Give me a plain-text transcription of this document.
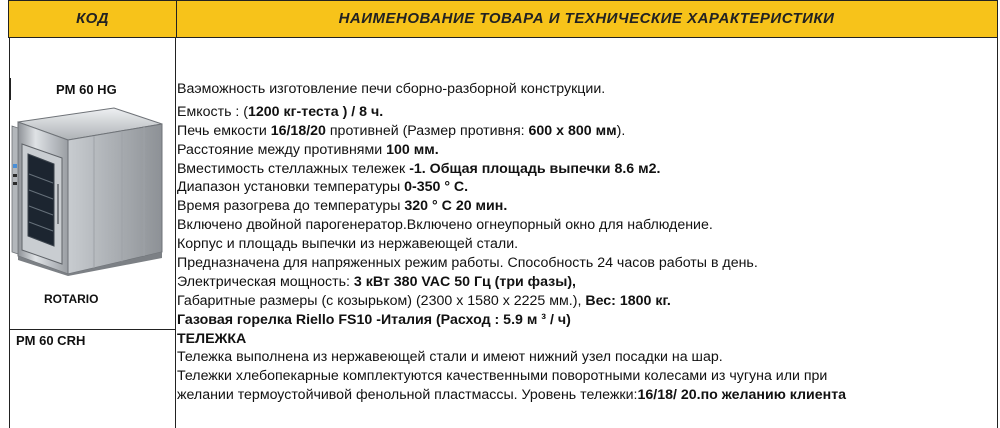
КОД	НАИМЕНОВАНИЕ ТОВАРА И ТЕХНИЧЕСКИЕ ХАРАКТЕРИСТИКИ
PM 60 HG
ROTARIO
PM 60 CRH
Ваэможность изготовление печи сборно-разборной конструкции.
Емкость : (1200 кг-теста ) / 8 ч.
Печь емкости 16/18/20 противней (Размер противня: 600 x 800 мм).
Расстояние между противнями 100 мм.
Вместимость стеллажных тележек -1. Общая площадь выпечки 8.6 м2.
Диапазон установки температуры 0-350 ° С.
Время разогрева до температуры 320 ° С 20 мин.
Включено двойной парогенератор.Включено огнеупорный окно для наблюдение.
Корпус и площадь выпечки из нержавеющей стали.
Предназначена для напряженных режим работы. Способность 24 часов работы в день.
Электрическая мощность: 3 кВт 380 VAC 50 Гц (три фазы),
Габаритные размеры (с козырьком) (2300 x 1580 x 2225 мм.), Вес: 1800 кг.
Газовая горелка Riello FS10 -Италия (Расход : 5.9 м ³ / ч)
ТЕЛЕЖКА
Тележка выполнена из нержавеющей стали и имеют нижний узел посадки на шар.
Тележки хлебопекарные комплектуются качественными поворотными колесами из чугуна или при
желании термоустойчивой фенольной пластмассы. Уровень тележки:16/18/ 20.по желанию клиента
